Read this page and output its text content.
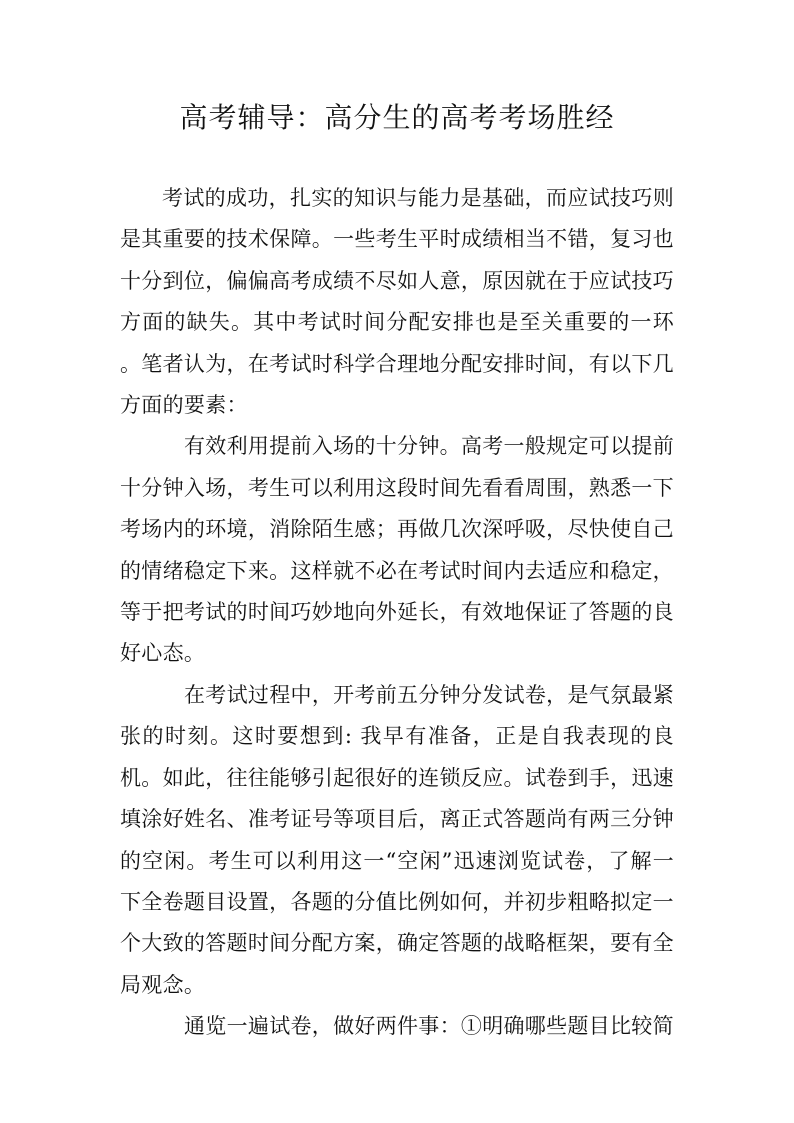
高考辅导：高分生的高考考场胜经

考试的成功，扎实的知识与能力是基础，而应试技巧则是其重要的技术保障。一些考生平时成绩相当不错，复习也十分到位，偏偏高考成绩不尽如人意，原因就在于应试技巧方面的缺失。其中考试时间分配安排也是至关重要的一环 。笔者认为，在考试时科学合理地分配安排时间，有以下几方面的要素：

有效利用提前入场的十分钟。高考一般规定可以提前十分钟入场，考生可以利用这段时间先看看周围，熟悉一下考场内的环境，消除陌生感；再做几次深呼吸，尽快使自己的情绪稳定下来。这样就不必在考试时间内去适应和稳定，等于把考试的时间巧妙地向外延长，有效地保证了答题的良好心态。

在考试过程中，开考前五分钟分发试卷，是气氛最紧张的时刻。这时要想到: 我早有准备，正是自我表现的良机。如此，往往能够引起很好的连锁反应。试卷到手，迅速填涂好姓名、准考证号等项目后，离正式答题尚有两三分钟的空闲。考生可以利用这一“空闲”迅速浏览试卷，了解一下全卷题目设置，各题的分值比例如何，并初步粗略拟定一个大致的答题时间分配方案，确定答题的战略框架，要有全局观念。

通览一遍试卷，做好两件事：①明确哪些题目比较简
